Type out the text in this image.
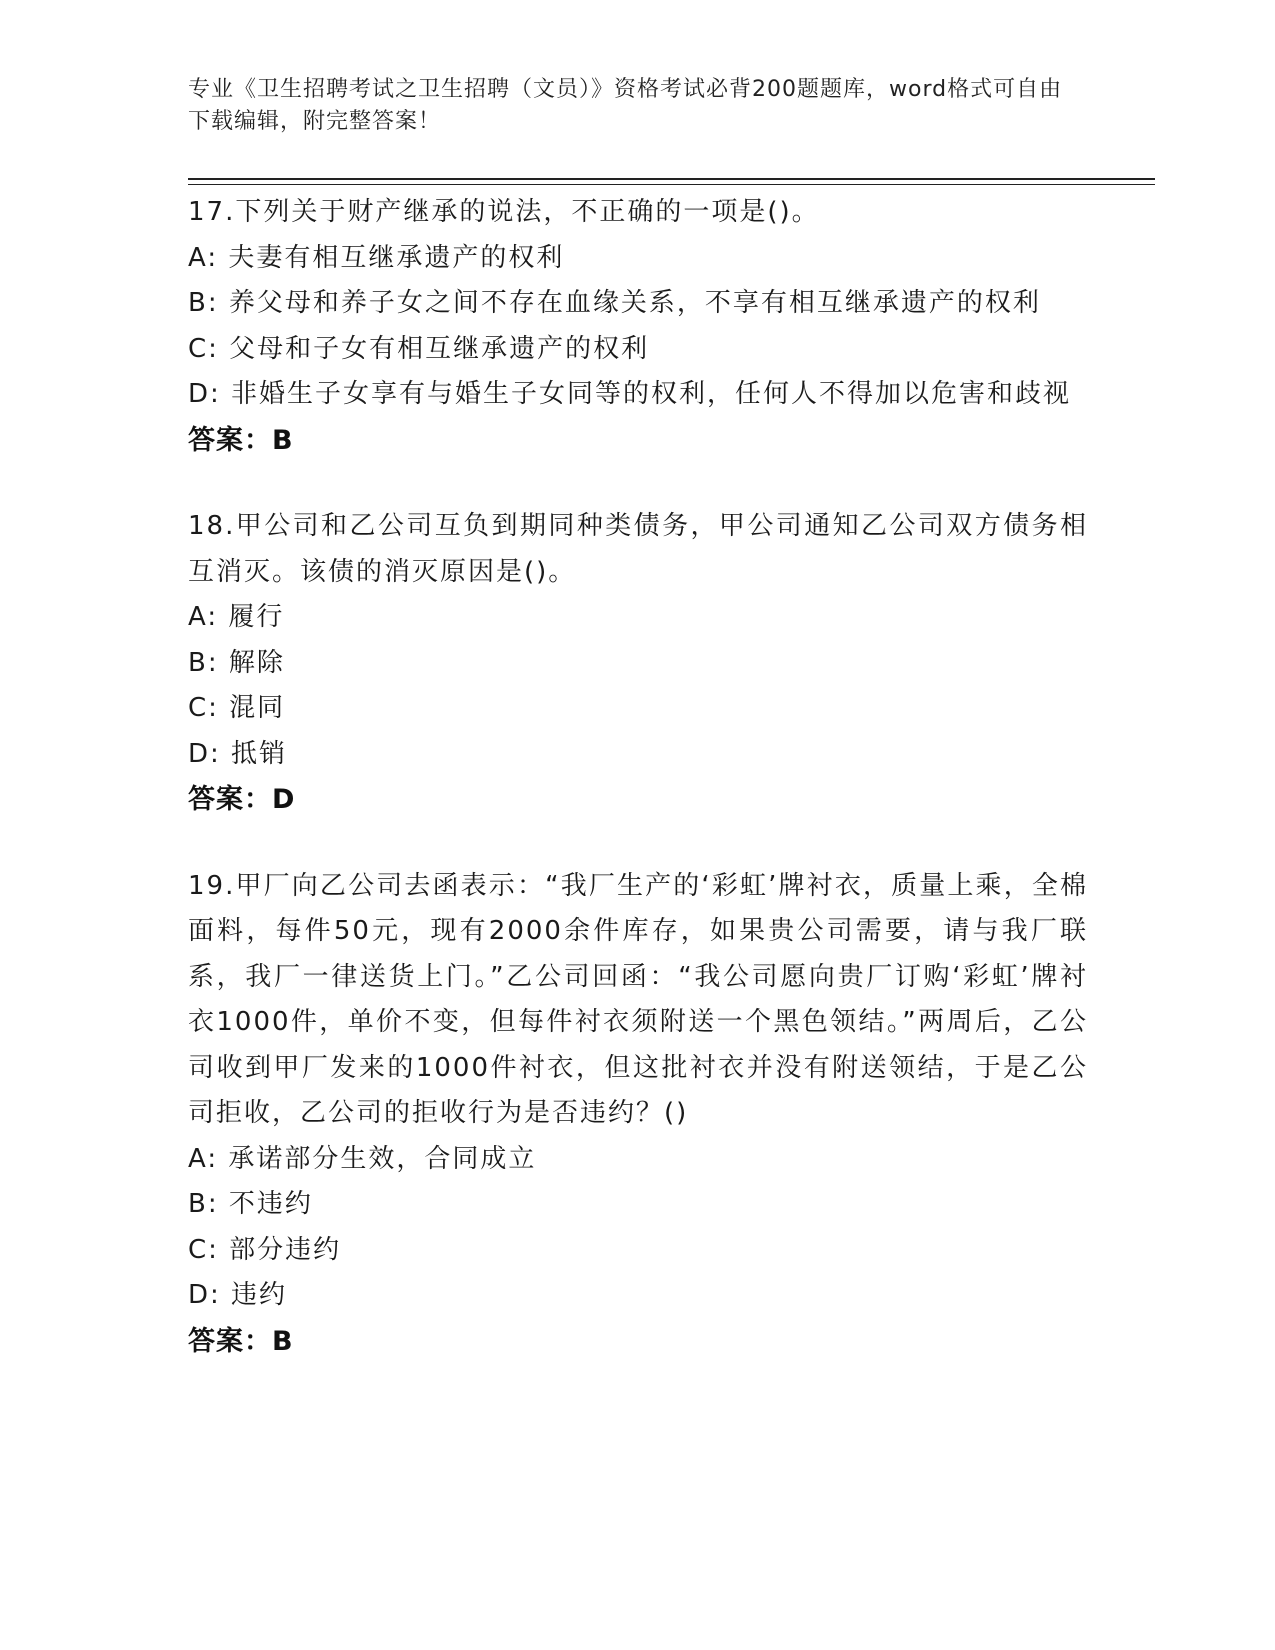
专业《卫生招聘考试之卫生招聘（文员）》资格考试必背200题题库，word格式可自由下载编辑，附完整答案！

17.下列关于财产继承的说法，不正确的一项是()。

A: 夫妻有相互继承遗产的权利

B: 养父母和养子女之间不存在血缘关系，不享有相互继承遗产的权利

C: 父母和子女有相互继承遗产的权利

D: 非婚生子女享有与婚生子女同等的权利，任何人不得加以危害和歧视

答案：B

18.甲公司和乙公司互负到期同种类债务，甲公司通知乙公司双方债务相互消灭。该债的消灭原因是()。

A: 履行

B: 解除

C: 混同

D: 抵销

答案：D

19.甲厂向乙公司去函表示：“我厂生产的‘彩虹’牌衬衣，质量上乘，全棉面料，每件50元，现有2000余件库存，如果贵公司需要，请与我厂联系，我厂一律送货上门。”乙公司回函：“我公司愿向贵厂订购‘彩虹’牌衬衣1000件，单价不变，但每件衬衣须附送一个黑色领结。”两周后，乙公司收到甲厂发来的1000件衬衣，但这批衬衣并没有附送领结，于是乙公司拒收，乙公司的拒收行为是否违约？()

A: 承诺部分生效，合同成立

B: 不违约

C: 部分违约

D: 违约

答案：B
